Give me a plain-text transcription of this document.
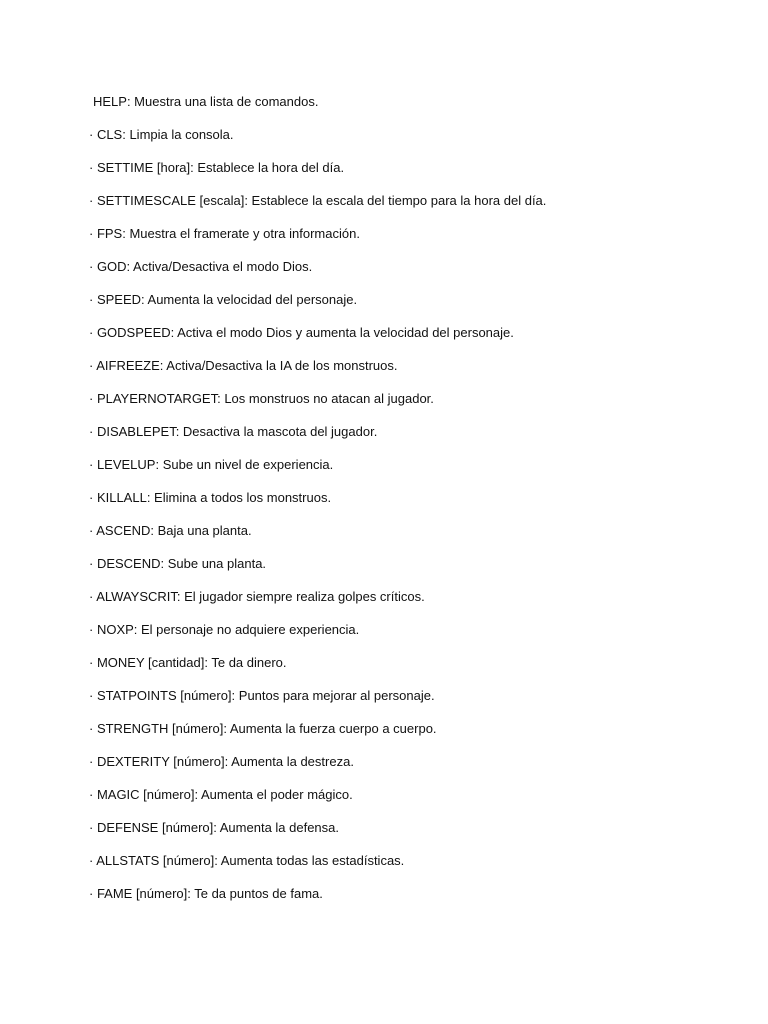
HELP: Muestra una lista de comandos.
· CLS: Limpia la consola.
· SETTIME [hora]: Establece la hora del día.
· SETTIMESCALE [escala]: Establece la escala del tiempo para la hora del día.
· FPS: Muestra el framerate y otra información.
· GOD: Activa/Desactiva el modo Dios.
· SPEED: Aumenta la velocidad del personaje.
· GODSPEED: Activa el modo Dios y aumenta la velocidad del personaje.
· AIFREEZE: Activa/Desactiva la IA de los monstruos.
· PLAYERNOTARGET: Los monstruos no atacan al jugador.
· DISABLEPET: Desactiva la mascota del jugador.
· LEVELUP: Sube un nivel de experiencia.
· KILLALL: Elimina a todos los monstruos.
· ASCEND: Baja una planta.
· DESCEND: Sube una planta.
· ALWAYSCRIT: El jugador siempre realiza golpes críticos.
· NOXP: El personaje no adquiere experiencia.
· MONEY [cantidad]: Te da dinero.
· STATPOINTS [número]: Puntos para mejorar al personaje.
· STRENGTH [número]: Aumenta la fuerza cuerpo a cuerpo.
· DEXTERITY [número]: Aumenta la destreza.
· MAGIC [número]: Aumenta el poder mágico.
· DEFENSE [número]: Aumenta la defensa.
· ALLSTATS [número]: Aumenta todas las estadísticas.
· FAME [número]: Te da puntos de fama.
